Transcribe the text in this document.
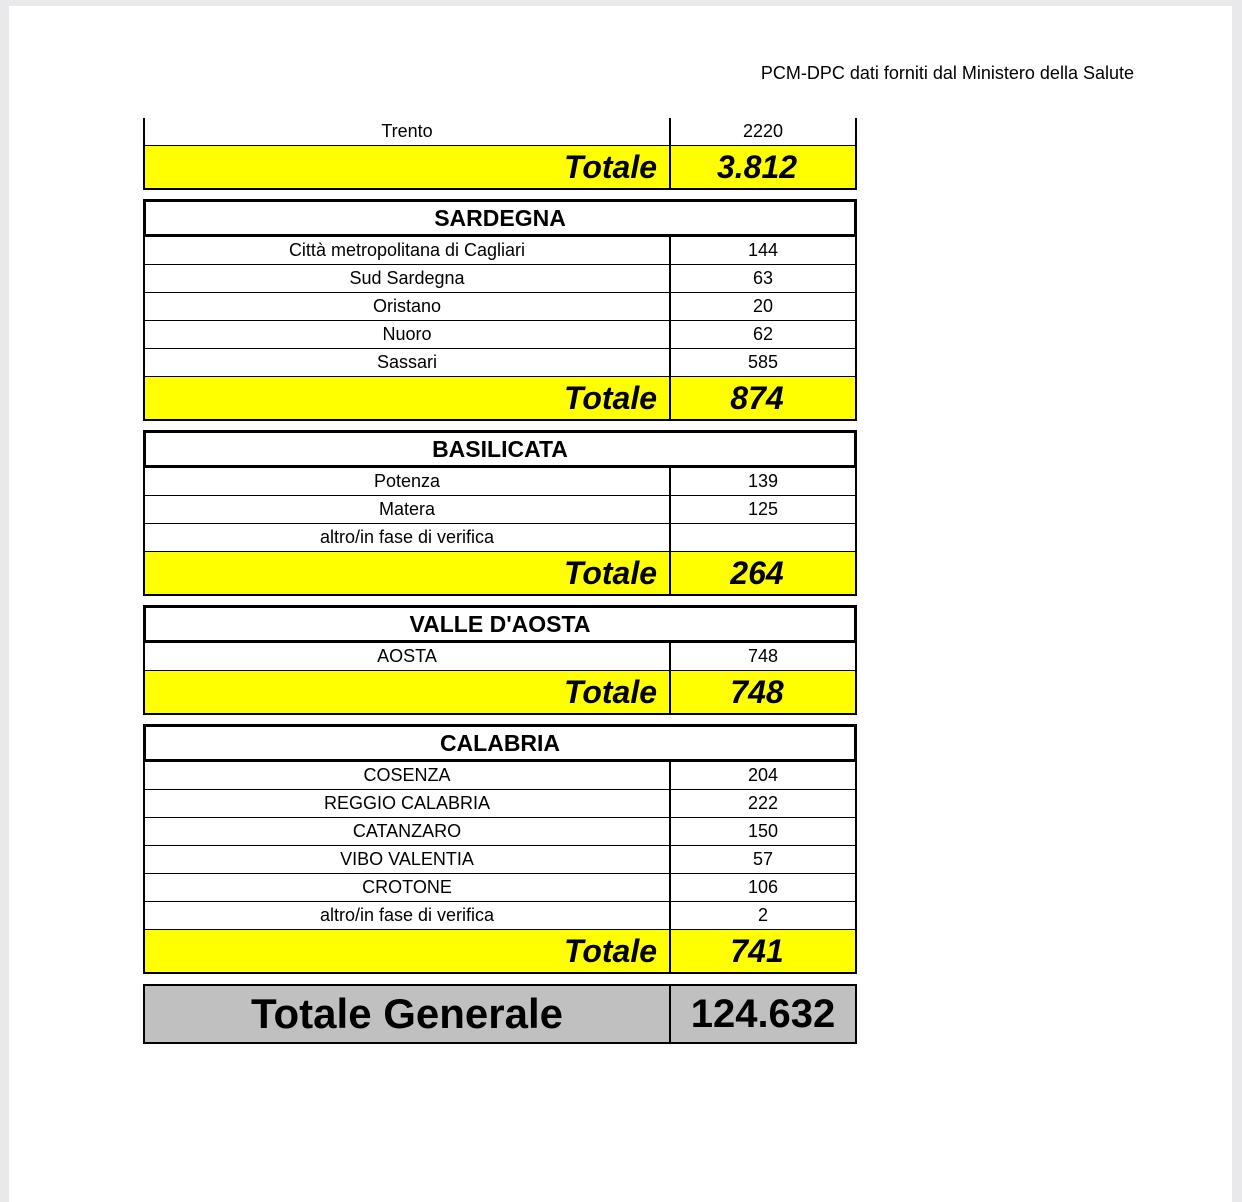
PCM-DPC dati forniti dal Ministero della Salute
Trento	2220
Totale	3.812
SARDEGNA
Città metropolitana di Cagliari	144
Sud Sardegna	63
Oristano	20
Nuoro	62
Sassari	585
Totale	874
BASILICATA
Potenza	139
Matera	125
altro/in fase di verifica
Totale	264
VALLE D'AOSTA
AOSTA	748
Totale	748
CALABRIA
COSENZA	204
REGGIO CALABRIA	222
CATANZARO	150
VIBO VALENTIA	57
CROTONE	106
altro/in fase di verifica	2
Totale	741
Totale Generale	124.632
